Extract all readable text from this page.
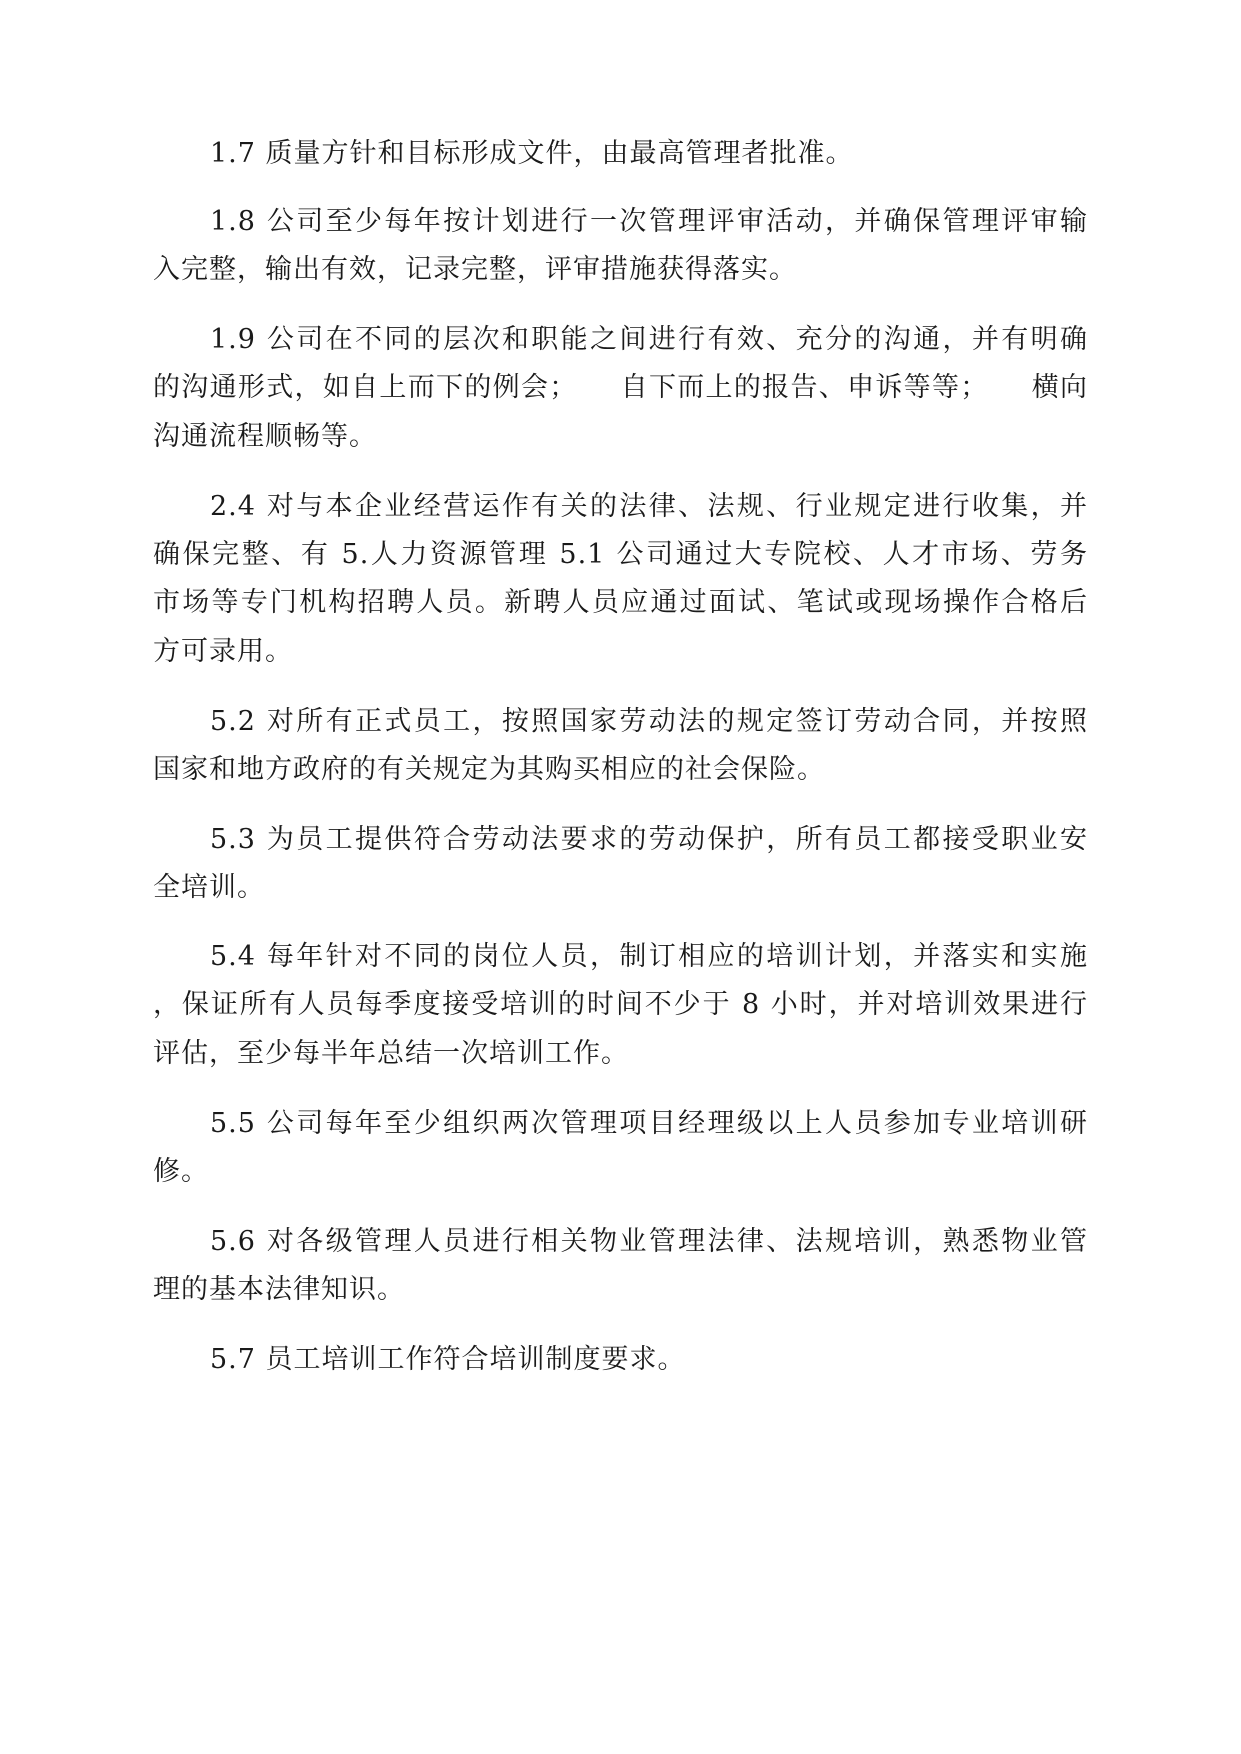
1.7 质量方针和目标形成文件，由最高管理者批准。
1.8 公司至少每年按计划进行一次管理评审活动，并确保管理评审输
入完整，输出有效，记录完整，评审措施获得落实。
1.9 公司在不同的层次和职能之间进行有效、充分的沟通，并有明确
的沟通形式，如自上而下的例会；　　自下而上的报告、申诉等等；　　横向
沟通流程顺畅等。
2.4 对与本企业经营运作有关的法律、法规、行业规定进行收集，并
确保完整、有 5.人力资源管理 5.1 公司通过大专院校、人才市场、劳务
市场等专门机构招聘人员。新聘人员应通过面试、笔试或现场操作合格后
方可录用。
5.2 对所有正式员工，按照国家劳动法的规定签订劳动合同，并按照
国家和地方政府的有关规定为其购买相应的社会保险。
5.3 为员工提供符合劳动法要求的劳动保护，所有员工都接受职业安
全培训。
5.4 每年针对不同的岗位人员，制订相应的培训计划，并落实和实施
，保证所有人员每季度接受培训的时间不少于 8 小时，并对培训效果进行
评估，至少每半年总结一次培训工作。
5.5 公司每年至少组织两次管理项目经理级以上人员参加专业培训研
修。
5.6 对各级管理人员进行相关物业管理法律、法规培训，熟悉物业管
理的基本法律知识。
5.7 员工培训工作符合培训制度要求。
